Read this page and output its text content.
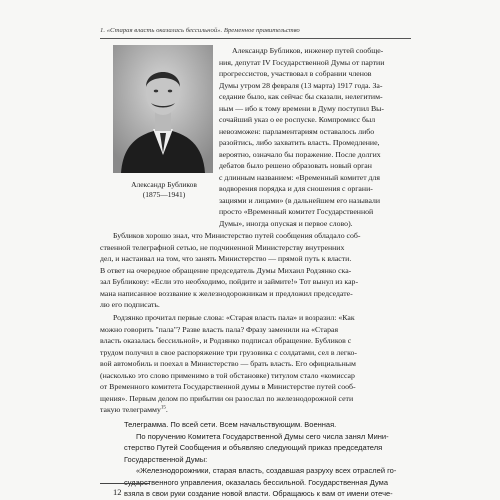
1. «Старая власть оказалась бессильной». Временное правительство
Александр Бубликов
(1875—1941)
Александр Бубликов, инженер путей сообще-
ния, депутат IV Государственной Думы от партии
прогрессистов, участвовал в собрании членов
Думы утром 28 февраля (13 марта) 1917 года. За-
седание было, как сейчас бы сказали, нелегитим-
ным — ибо к тому времени в Думу поступил Вы-
сочайший указ о ее роспуске. Компромисс был
невозможен: парламентариям оставалось либо
разойтись, либо захватить власть. Промедление,
вероятно, означало бы поражение. После долгих
дебатов было решено образовать новый орган
с длинным названием: «Временный комитет для
водворения порядка и для сношения с органи-
зациями и лицами» (в дальнейшем его называли
просто «Временный комитет Государственной
Думы», иногда опуская и первое слово).
Бубликов хорошо знал, что Министерство путей сообщения обладало соб-
ственной телеграфной сетью, не подчиненной Министерству внутренних
дел, и настаивал на том, что занять Министерство — прямой путь к власти.
В ответ на очередное обращение председатель Думы Михаил Родзянко ска-
зал Бубликову: «Если это необходимо, пойдите и займите!» Тот вынул из кар-
мана написанное воззвание к железнодорожникам и предложил председате-
лю его подписать.
Родзянко прочитал первые слова: «Старая власть пала» и возразил: «Как
можно говорить "пала"? Разве власть пала? Фразу заменили на «Старая
власть оказалась бессильной», и Родзянко подписал обращение. Бубликов с
трудом получил в свое распоряжение три грузовика с солдатами, сел в легко-
вой автомобиль и поехал в Министерство — брать власть. Его официальным
(насколько это слово применимо в той обстановке) титулом стало «комиссар
от Временного комитета Государственной думы в Министерстве путей сооб-
щения». Первым делом по прибытии он разослал по железнодорожной сети
такую телеграмму$^{15}$.
Телеграмма. По всей сети. Всем начальствующим. Военная.
По поручению Комитета Государственной Думы сего числа занял Мини-
стерство Путей Сообщения и объявляю следующий приказ председателя
Государственной Думы:
«Железнодорожники, старая власть, создавшая разруху всех отраслей го-
сударственного управления, оказалась бессильной. Государственная Дума
взяла в свои руки создание новой власти. Обращаюсь к вам от имени отече-
12
